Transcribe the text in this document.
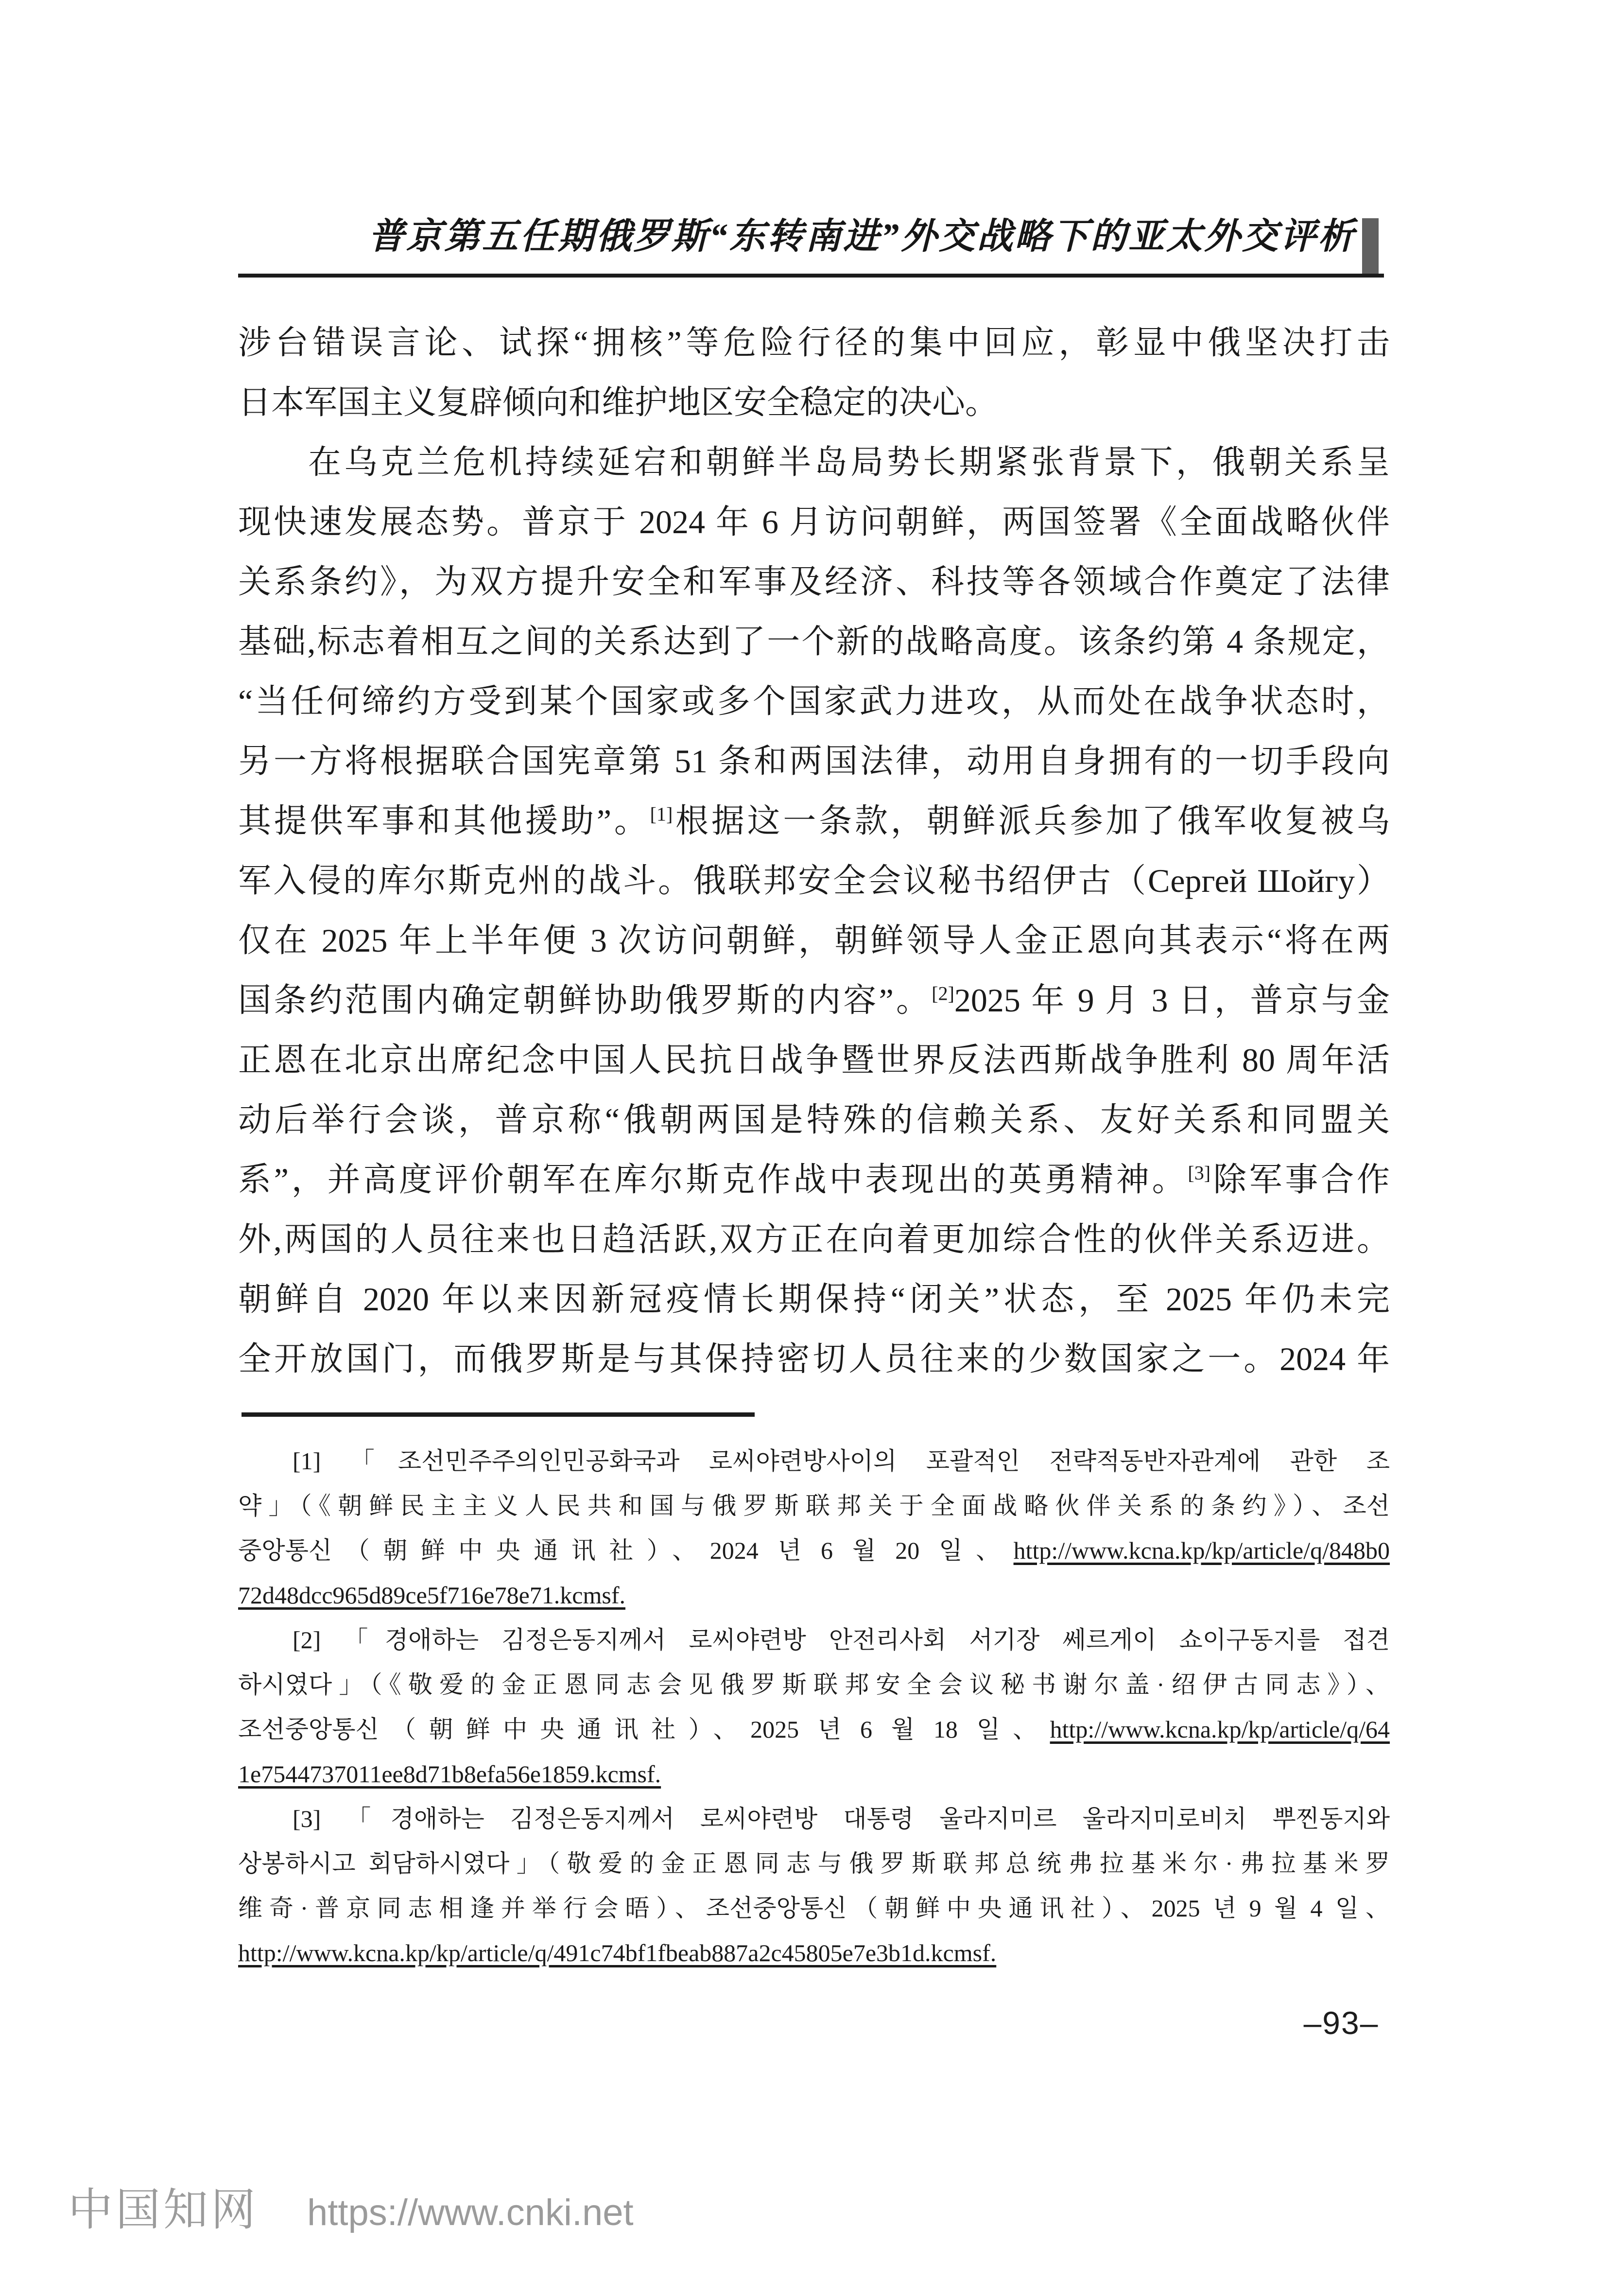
普京第五任期俄罗斯“东转南进”外交战略下的亚太外交评析
涉台错误言论、试探“拥核”等危险行径的集中回应，彰显中俄坚决打击
日本军国主义复辟倾向和维护地区安全稳定的决心。
在乌克兰危机持续延宕和朝鲜半岛局势长期紧张背景下，俄朝关系呈
现快速发展态势。普京于 2024 年 6 月访问朝鲜，两国签署《全面战略伙伴
关系条约》，为双方提升安全和军事及经济、科技等各领域合作奠定了法律
基础,标志着相互之间的关系达到了一个新的战略高度。该条约第 4 条规定，
“当任何缔约方受到某个国家或多个国家武力进攻，从而处在战争状态时，
另一方将根据联合国宪章第 51 条和两国法律，动用自身拥有的一切手段向
其提供军事和其他援助”。[1]根据这一条款，朝鲜派兵参加了俄军收复被乌
军入侵的库尔斯克州的战斗。俄联邦安全会议秘书绍伊古（Сергей Шойгу）
仅在 2025 年上半年便 3 次访问朝鲜，朝鲜领导人金正恩向其表示“将在两
国条约范围内确定朝鲜协助俄罗斯的内容”。[2]2025 年 9 月 3 日，普京与金
正恩在北京出席纪念中国人民抗日战争暨世界反法西斯战争胜利 80 周年活
动后举行会谈，普京称“俄朝两国是特殊的信赖关系、友好关系和同盟关
系”，并高度评价朝军在库尔斯克作战中表现出的英勇精神。[3]除军事合作
外,两国的人员往来也日趋活跃,双方正在向着更加综合性的伙伴关系迈进。
朝鲜自 2020 年以来因新冠疫情长期保持“闭关”状态，至 2025 年仍未完
全开放国门，而俄罗斯是与其保持密切人员往来的少数国家之一。2024 年
[1] 「조선민주주의인민공화국과 로씨야련방사이의 포괄적인 전략적동반자관계에 관한 조
약」（《朝鲜民主主义人民共和国与俄罗斯联邦关于全面战略伙伴关系的条约》）、조선
중앙통신（朝鲜中央通讯社）、2024 년 6 월 20 일、http://www.kcna.kp/kp/article/q/848b0
72d48dcc965d89ce5f716e78e71.kcmsf.
[2] 「경애하는 김정은동지께서 로씨야련방 안전리사회 서기장 쎄르게이 쇼이구동지를 접견
하시였다」（《敬爱的金正恩同志会见俄罗斯联邦安全会议秘书谢尔盖·绍伊古同志》）、
조선중앙통신（朝鲜中央通讯社）、2025 년 6 월 18 일、http://www.kcna.kp/kp/article/q/64
1e7544737011ee8d71b8efa56e1859.kcmsf.
[3] 「경애하는 김정은동지께서 로씨야련방 대통령 울라지미르 울라지미로비치 뿌찐동지와
상봉하시고 회담하시였다」（敬爱的金正恩同志与俄罗斯联邦总统弗拉基米尔·弗拉基米罗
维奇·普京同志相逢并举行会晤）、조선중앙통신（朝鲜中央通讯社）、2025 년 9 월 4 일、
http://www.kcna.kp/kp/article/q/491c74bf1fbeab887a2c45805e7e3b1d.kcmsf.
–93–
中国知网 https://www.cnki.net
